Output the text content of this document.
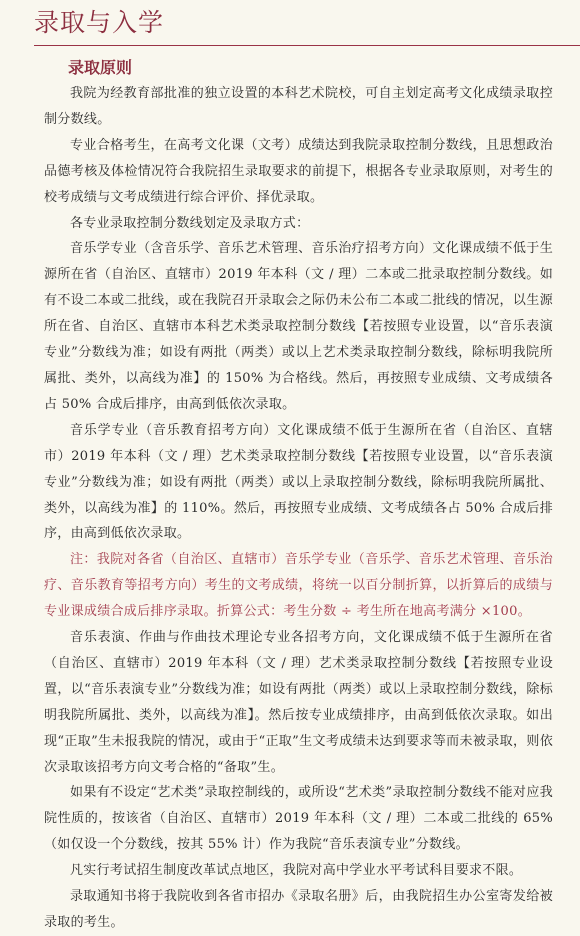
录取与入学
录取原则

我院为经教育部批准的独立设置的本科艺术院校，可自主划定高考文化成绩录取控制分数线。

专业合格考生，在高考文化课（文考）成绩达到我院录取控制分数线，且思想政治品德考核及体检情况符合我院招生录取要求的前提下，根据各专业录取原则，对考生的校考成绩与文考成绩进行综合评价、择优录取。

各专业录取控制分数线划定及录取方式：

音乐学专业（含音乐学、音乐艺术管理、音乐治疗招考方向）文化课成绩不低于生源所在省（自治区、直辖市）2019 年本科（文 / 理）二本或二批录取控制分数线。如有不设二本或二批线，或在我院召开录取会之际仍未公布二本或二批线的情况，以生源所在省、自治区、直辖市本科艺术类录取控制分数线【若按照专业设置，以“音乐表演专业”分数线为准；如设有两批（两类）或以上艺术类录取控制分数线，除标明我院所属批、类外，以高线为准】的 150% 为合格线。然后，再按照专业成绩、文考成绩各占 50% 合成后排序，由高到低依次录取。

音乐学专业（音乐教育招考方向）文化课成绩不低于生源所在省（自治区、直辖市）2019 年本科（文 / 理）艺术类录取控制分数线【若按照专业设置，以“音乐表演专业”分数线为准；如设有两批（两类）或以上录取控制分数线，除标明我院所属批、类外，以高线为准】的 110%。然后，再按照专业成绩、文考成绩各占 50% 合成后排序，由高到低依次录取。

注：我院对各省（自治区、直辖市）音乐学专业（音乐学、音乐艺术管理、音乐治疗、音乐教育等招考方向）考生的文考成绩，将统一以百分制折算，以折算后的成绩与专业课成绩合成后排序录取。折算公式：考生分数 ÷ 考生所在地高考满分 ×100。

音乐表演、作曲与作曲技术理论专业各招考方向，文化课成绩不低于生源所在省（自治区、直辖市）2019 年本科（文 / 理）艺术类录取控制分数线【若按照专业设置，以“音乐表演专业”分数线为准；如设有两批（两类）或以上录取控制分数线，除标明我院所属批、类外，以高线为准】。然后按专业成绩排序，由高到低依次录取。如出现“正取”生未报我院的情况，或由于“正取”生文考成绩未达到要求等而未被录取，则依次录取该招考方向文考合格的“备取”生。

如果有不设定“艺术类”录取控制线的，或所设“艺术类”录取控制分数线不能对应我院性质的，按该省（自治区、直辖市）2019 年本科（文 / 理）二本或二批线的 65%（如仅设一个分数线，按其 55% 计）作为我院“音乐表演专业”分数线。

凡实行考试招生制度改革试点地区，我院对高中学业水平考试科目要求不限。

录取通知书将于我院收到各省市招办《录取名册》后，由我院招生办公室寄发给被录取的考生。
